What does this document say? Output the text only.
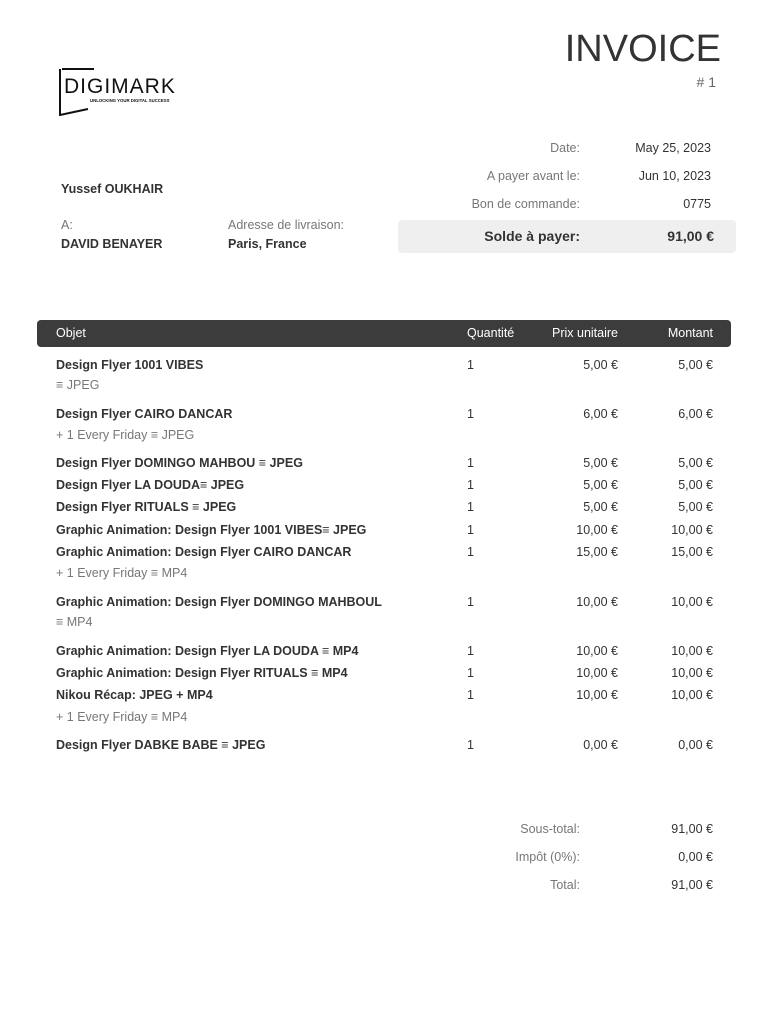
DIGIMARK
UNLOCKING YOUR DIGITAL SUCCESS
INVOICE
# 1
Yussef OUKHAIR
A:
DAVID BENAYER
Adresse de livraison:
Paris, France
Date:	May 25, 2023
A payer avant le:	Jun 10, 2023
Bon de commande:	0775
Solde à payer:	91,00 €
Objet	Quantité	Prix unitaire	Montant
Design Flyer 1001 VIBES
≡ JPEG
1	5,00 €	5,00 €
Design Flyer CAIRO DANCAR
+ 1 Every Friday ≡ JPEG
1	6,00 €	6,00 €
Design Flyer DOMINGO MAHBOU ≡ JPEG	1	5,00 €	5,00 €
Design Flyer LA DOUDA≡ JPEG	1	5,00 €	5,00 €
Design Flyer RITUALS ≡ JPEG	1	5,00 €	5,00 €
Graphic Animation: Design Flyer 1001 VIBES≡ JPEG	1	10,00 €	10,00 €
Graphic Animation: Design Flyer CAIRO DANCAR
+ 1 Every Friday ≡ MP4
1	15,00 €	15,00 €
Graphic Animation: Design Flyer DOMINGO MAHBOUL
≡ MP4
1	10,00 €	10,00 €
Graphic Animation: Design Flyer LA DOUDA ≡ MP4	1	10,00 €	10,00 €
Graphic Animation: Design Flyer RITUALS ≡ MP4	1	10,00 €	10,00 €
Nikou Récap: JPEG + MP4
+ 1 Every Friday ≡ MP4
1	10,00 €	10,00 €
Design Flyer DABKE BABE ≡ JPEG	1	0,00 €	0,00 €
Sous-total:	91,00 €
Impôt (0%):	0,00 €
Total:	91,00 €
